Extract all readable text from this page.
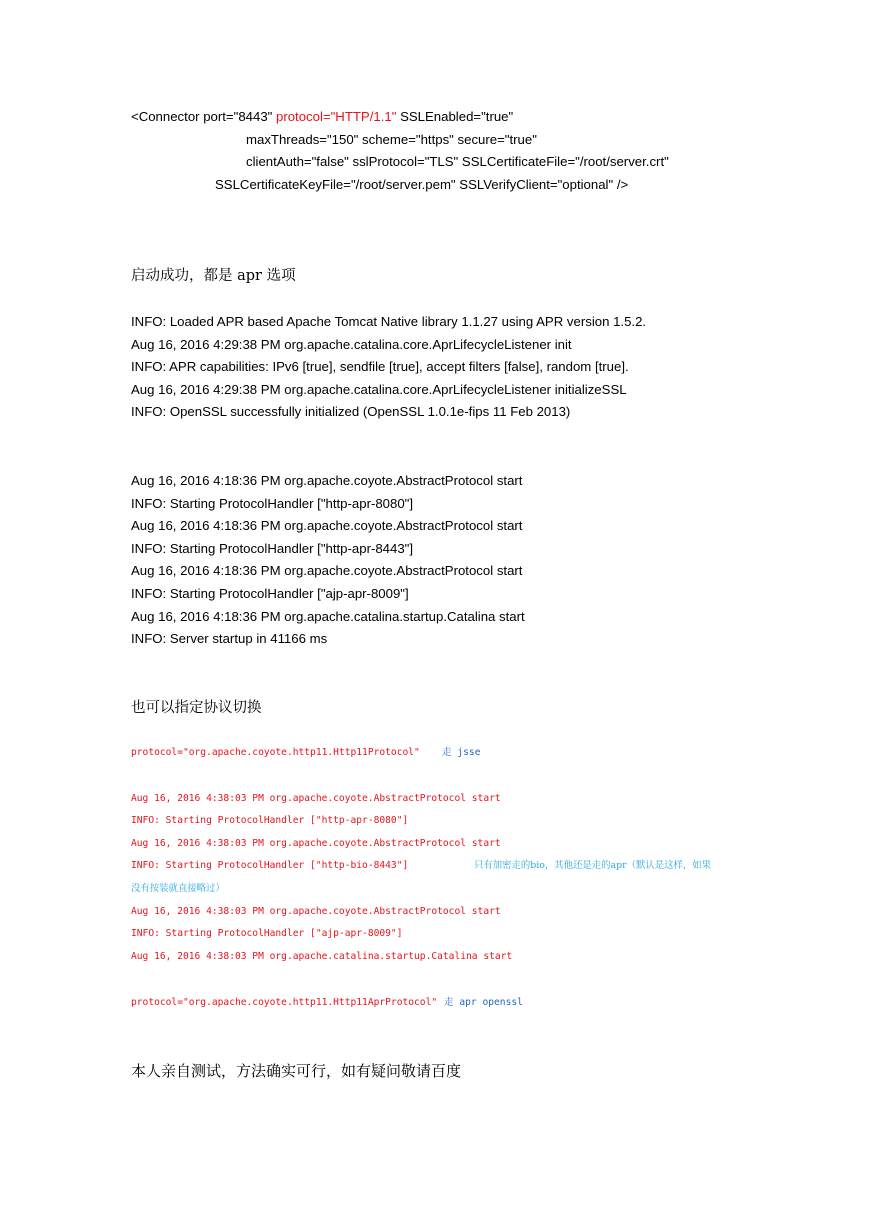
<Connector port="8443" protocol="HTTP/1.1" SSLEnabled="true"
maxThreads="150" scheme="https" secure="true"
clientAuth="false" sslProtocol="TLS" SSLCertificateFile="/root/server.crt"
SSLCertificateKeyFile="/root/server.pem" SSLVerifyClient="optional" />
启动成功，都是 apr 选项
INFO: Loaded APR based Apache Tomcat Native library 1.1.27 using APR version 1.5.2.
Aug 16, 2016 4:29:38 PM org.apache.catalina.core.AprLifecycleListener init
INFO: APR capabilities: IPv6 [true], sendfile [true], accept filters [false], random [true].
Aug 16, 2016 4:29:38 PM org.apache.catalina.core.AprLifecycleListener initializeSSL
INFO: OpenSSL successfully initialized (OpenSSL 1.0.1e-fips 11 Feb 2013)
Aug 16, 2016 4:18:36 PM org.apache.coyote.AbstractProtocol start
INFO: Starting ProtocolHandler ["http-apr-8080"]
Aug 16, 2016 4:18:36 PM org.apache.coyote.AbstractProtocol start
INFO: Starting ProtocolHandler ["http-apr-8443"]
Aug 16, 2016 4:18:36 PM org.apache.coyote.AbstractProtocol start
INFO: Starting ProtocolHandler ["ajp-apr-8009"]
Aug 16, 2016 4:18:36 PM org.apache.catalina.startup.Catalina start
INFO: Server startup in 41166 ms
也可以指定协议切换
protocol="org.apache.coyote.http11.Http11Protocol" 走 jsse
Aug 16, 2016 4:38:03 PM org.apache.coyote.AbstractProtocol start
INFO: Starting ProtocolHandler ["http-apr-8080"]
Aug 16, 2016 4:38:03 PM org.apache.coyote.AbstractProtocol start
INFO: Starting ProtocolHandler ["http-bio-8443"]	只有加密走的bio，其他还是走的apr（默认是这样，如果
没有按装就直接略过）
Aug 16, 2016 4:38:03 PM org.apache.coyote.AbstractProtocol start
INFO: Starting ProtocolHandler ["ajp-apr-8009"]
Aug 16, 2016 4:38:03 PM org.apache.catalina.startup.Catalina start
protocol="org.apache.coyote.http11.Http11AprProtocol" 走 apr openssl
本人亲自测试，方法确实可行，如有疑问敬请百度
